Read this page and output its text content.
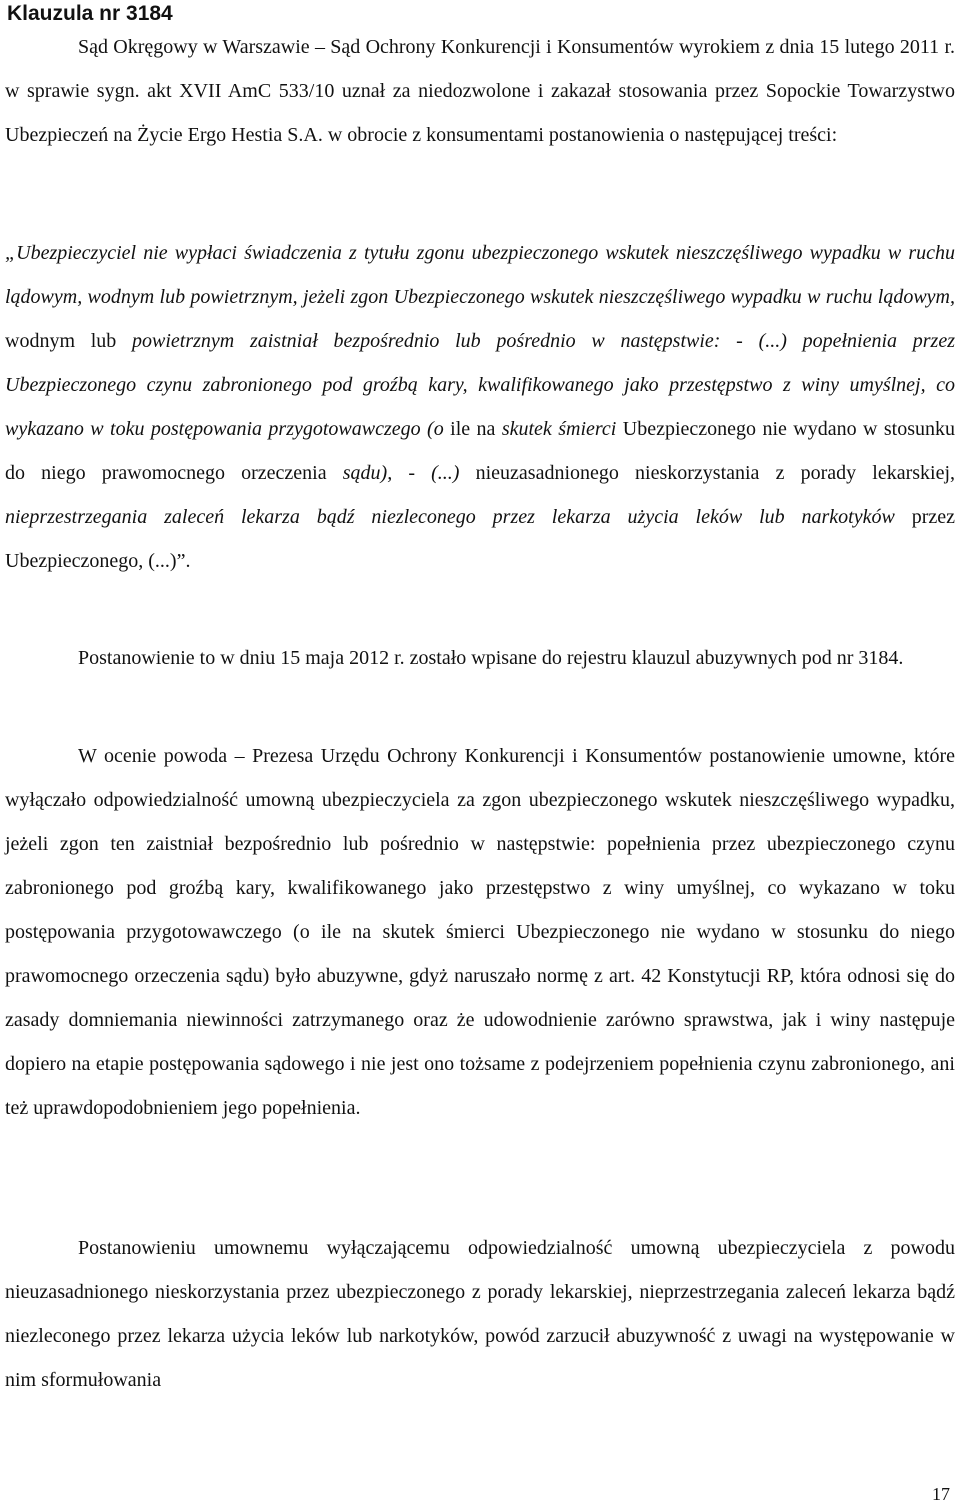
Klauzula nr 3184

Sąd Okręgowy w Warszawie – Sąd Ochrony Konkurencji i Konsumentów wyrokiem z dnia 15 lutego 2011 r. w sprawie sygn. akt XVII AmC 533/10 uznał za niedozwolone i zakazał stosowania przez Sopockie Towarzystwo Ubezpieczeń na Życie Ergo Hestia S.A. w obrocie z konsumentami postanowienia o następującej treści:

„Ubezpieczyciel nie wypłaci świadczenia z tytułu zgonu ubezpieczonego wskutek nieszczęśliwego wypadku w ruchu lądowym, wodnym lub powietrznym, jeżeli zgon Ubezpieczonego wskutek nieszczęśliwego wypadku w ruchu lądowym, wodnym lub powietrznym zaistniał bezpośrednio lub pośrednio w następstwie: - (...) popełnienia przez Ubezpieczonego czynu zabronionego pod groźbą kary, kwalifikowanego jako przestępstwo z winy umyślnej, co wykazano w toku postępowania przygotowawczego (o ile na skutek śmierci Ubezpieczonego nie wydano w stosunku do niego prawomocnego orzeczenia sądu), - (...) nieuzasadnionego nieskorzystania z porady lekarskiej, nieprzestrzegania zaleceń lekarza bądź niezleconego przez lekarza użycia leków lub narkotyków przez Ubezpieczonego, (...)”.

Postanowienie to w dniu 15 maja 2012 r. zostało wpisane do rejestru klauzul abuzywnych pod nr 3184.

W ocenie powoda – Prezesa Urzędu Ochrony Konkurencji i Konsumentów postanowienie umowne, które wyłączało odpowiedzialność umowną ubezpieczyciela za zgon ubezpieczonego wskutek nieszczęśliwego wypadku, jeżeli zgon ten zaistniał bezpośrednio lub pośrednio w następstwie: popełnienia przez ubezpieczonego czynu zabronionego pod groźbą kary, kwalifikowanego jako przestępstwo z winy umyślnej, co wykazano w toku postępowania przygotowawczego (o ile na skutek śmierci Ubezpieczonego nie wydano w stosunku do niego prawomocnego orzeczenia sądu) było abuzywne, gdyż naruszało normę z art. 42 Konstytucji RP, która odnosi się do zasady domniemania niewinności zatrzymanego oraz że udowodnienie zarówno sprawstwa, jak i winy następuje dopiero na etapie postępowania sądowego i nie jest ono tożsame z podejrzeniem popełnienia czynu zabronionego, ani też uprawdopodobnieniem jego popełnienia.

Postanowieniu umownemu wyłączającemu odpowiedzialność umowną ubezpieczyciela z powodu nieuzasadnionego nieskorzystania przez ubezpieczonego z porady lekarskiej, nieprzestrzegania zaleceń lekarza bądź niezleconego przez lekarza użycia leków lub narkotyków, powód zarzucił abuzywność z uwagi na występowanie w nim sformułowania

17
